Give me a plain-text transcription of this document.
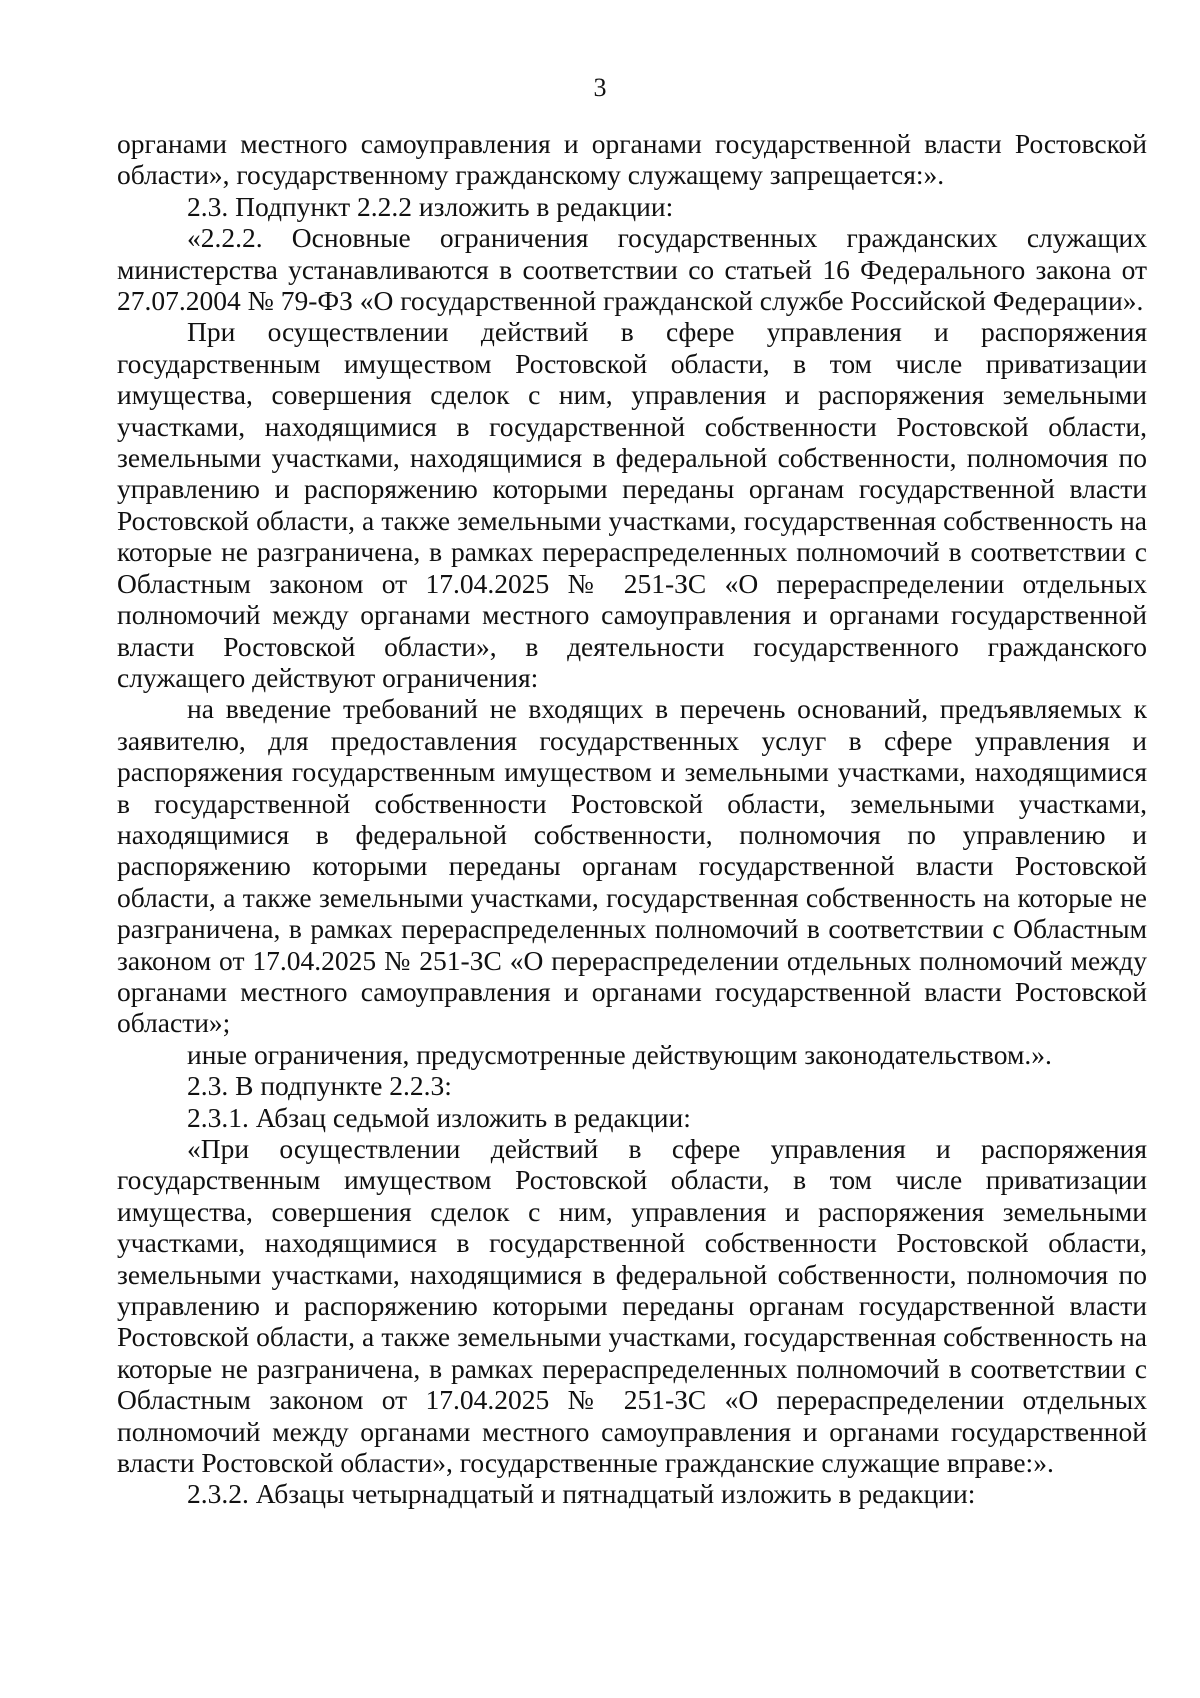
3

органами местного самоуправления и органами государственной власти Ростовской области», государственному гражданскому служащему запрещается:».

2.3. Подпункт 2.2.2 изложить в редакции:

«2.2.2. Основные ограничения государственных гражданских служащих министерства устанавливаются в соответствии со статьей 16 Федерального закона от 27.07.2004 № 79-ФЗ «О государственной гражданской службе Российской Федерации».

При осуществлении действий в сфере управления и распоряжения государственным имуществом Ростовской области, в том числе приватизации имущества, совершения сделок с ним, управления и распоряжения земельными участками, находящимися в государственной собственности Ростовской области, земельными участками, находящимися в федеральной собственности, полномочия по управлению и распоряжению которыми переданы органам государственной власти Ростовской области, а также земельными участками, государственная собственность на которые не разграничена, в рамках перераспределенных полномочий в соответствии с Областным законом от 17.04.2025 № 251-ЗС «О перераспределении отдельных полномочий между органами местного самоуправления и органами государственной власти Ростовской области», в деятельности государственного гражданского служащего действуют ограничения:

на введение требований не входящих в перечень оснований, предъявляемых к заявителю, для предоставления государственных услуг в сфере управления и распоряжения государственным имуществом и земельными участками, находящимися в государственной собственности Ростовской области, земельными участками, находящимися в федеральной собственности, полномочия по управлению и распоряжению которыми переданы органам государственной власти Ростовской области, а также земельными участками, государственная собственность на которые не разграничена, в рамках перераспределенных полномочий в соответствии с Областным законом от 17.04.2025 № 251-ЗС «О перераспределении отдельных полномочий между органами местного самоуправления и органами государственной власти Ростовской области»;

иные ограничения, предусмотренные действующим законодательством.».

2.3. В подпункте 2.2.3:

2.3.1. Абзац седьмой изложить в редакции:

«При осуществлении действий в сфере управления и распоряжения государственным имуществом Ростовской области, в том числе приватизации имущества, совершения сделок с ним, управления и распоряжения земельными участками, находящимися в государственной собственности Ростовской области, земельными участками, находящимися в федеральной собственности, полномочия по управлению и распоряжению которыми переданы органам государственной власти Ростовской области, а также земельными участками, государственная собственность на которые не разграничена, в рамках перераспределенных полномочий в соответствии с Областным законом от 17.04.2025 № 251-ЗС «О перераспределении отдельных полномочий между органами местного самоуправления и органами государственной власти Ростовской области», государственные гражданские служащие вправе:».

2.3.2. Абзацы четырнадцатый и пятнадцатый изложить в редакции:
